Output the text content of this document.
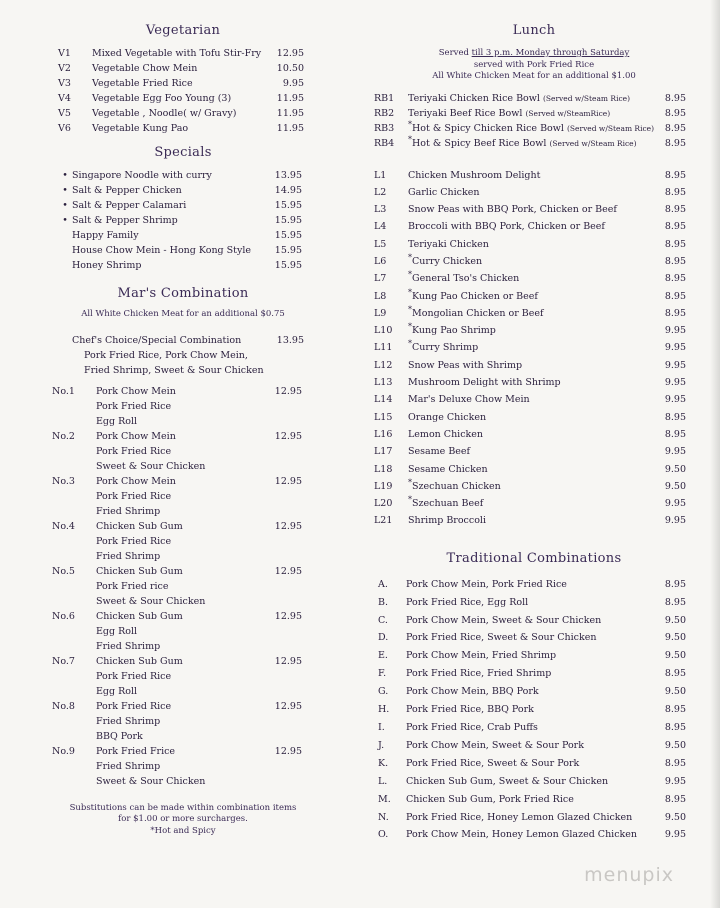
Vegetarian
V1	Mixed Vegetable with Tofu Stir-Fry	12.95
V2	Vegetable Chow Mein	10.50
V3	Vegetable Fried Rice	9.95
V4	Vegetable Egg Foo Young (3)	11.95
V5	Vegetable , Noodle( w/ Gravy)	11.95
V6	Vegetable Kung Pao	11.95
Specials
• Singapore Noodle with curry	13.95
• Salt & Pepper Chicken	14.95
• Salt & Pepper Calamari	15.95
• Salt & Pepper Shrimp	15.95
Happy Family	15.95
House Chow Mein - Hong Kong Style	15.95
Honey Shrimp	15.95
Mar's Combination
All White Chicken Meat for an additional $0.75
Chef's Choice/Special Combination	13.95
Pork Fried Rice, Pork Chow Mein,
Fried Shrimp, Sweet & Sour Chicken
No.1	Pork Chow Mein	12.95
Pork Fried Rice
Egg Roll
No.2	Pork Chow Mein	12.95
Pork Fried Rice
Sweet & Sour Chicken
No.3	Pork Chow Mein	12.95
Pork Fried Rice
Fried Shrimp
No.4	Chicken Sub Gum	12.95
Pork Fried Rice
Fried Shrimp
No.5	Chicken Sub Gum	12.95
Pork Fried rice
Sweet & Sour Chicken
No.6	Chicken Sub Gum	12.95
Egg Roll
Fried Shrimp
No.7	Chicken Sub Gum	12.95
Pork Fried Rice
Egg Roll
No.8	Pork Fried Rice	12.95
Fried Shrimp
BBQ Pork
No.9	Pork Fried Frice	12.95
Fried Shrimp
Sweet & Sour Chicken
Substitutions can be made within combination items
for $1.00 or more surcharges.
*Hot and Spicy
Lunch
Served till 3 p.m. Monday through Saturday
served with Pork Fried Rice
All White Chicken Meat for an additional $1.00
RB1	Teriyaki Chicken Rice Bowl (Served w/Steam Rice)	8.95
RB2	Teriyaki Beef Rice Bowl (Served w/SteamRice)	8.95
RB3	*Hot & Spicy Chicken Rice Bowl (Served w/Steam Rice)	8.95
RB4	*Hot & Spicy Beef Rice Bowl (Served w/Steam Rice)	8.95
L1	Chicken Mushroom Delight	8.95
L2	Garlic Chicken	8.95
L3	Snow Peas with BBQ Pork, Chicken or Beef	8.95
L4	Broccoli with BBQ Pork, Chicken or Beef	8.95
L5	Teriyaki Chicken	8.95
L6	*Curry Chicken	8.95
L7	*General Tso's Chicken	8.95
L8	*Kung Pao Chicken or Beef	8.95
L9	*Mongolian Chicken or Beef	8.95
L10	*Kung Pao Shrimp	9.95
L11	*Curry Shrimp	9.95
L12	Snow Peas with Shrimp	9.95
L13	Mushroom Delight with Shrimp	9.95
L14	Mar's Deluxe Chow Mein	9.95
L15	Orange Chicken	8.95
L16	Lemon Chicken	8.95
L17	Sesame Beef	9.95
L18	Sesame Chicken	9.50
L19	*Szechuan Chicken	9.50
L20	*Szechuan Beef	9.95
L21	Shrimp Broccoli	9.95
Traditional Combinations
A.	Pork Chow Mein, Pork Fried Rice	8.95
B.	Pork Fried Rice, Egg Roll	8.95
C.	Pork Chow Mein, Sweet & Sour Chicken	9.50
D.	Pork Fried Rice, Sweet & Sour Chicken	9.50
E.	Pork Chow Mein, Fried Shrimp	9.50
F.	Pork Fried Rice, Fried Shrimp	8.95
G.	Pork Chow Mein, BBQ Pork	9.50
H.	Pork Fried Rice, BBQ Pork	8.95
I.	Pork Fried Rice, Crab Puffs	8.95
J.	Pork Chow Mein, Sweet & Sour Pork	9.50
K.	Pork Fried Rice, Sweet & Sour Pork	8.95
L.	Chicken Sub Gum, Sweet & Sour Chicken	9.95
M.	Chicken Sub Gum, Pork Fried Rice	8.95
N.	Pork Fried Rice, Honey Lemon Glazed Chicken	9.50
O.	Pork Chow Mein, Honey Lemon Glazed Chicken	9.95
menupix
